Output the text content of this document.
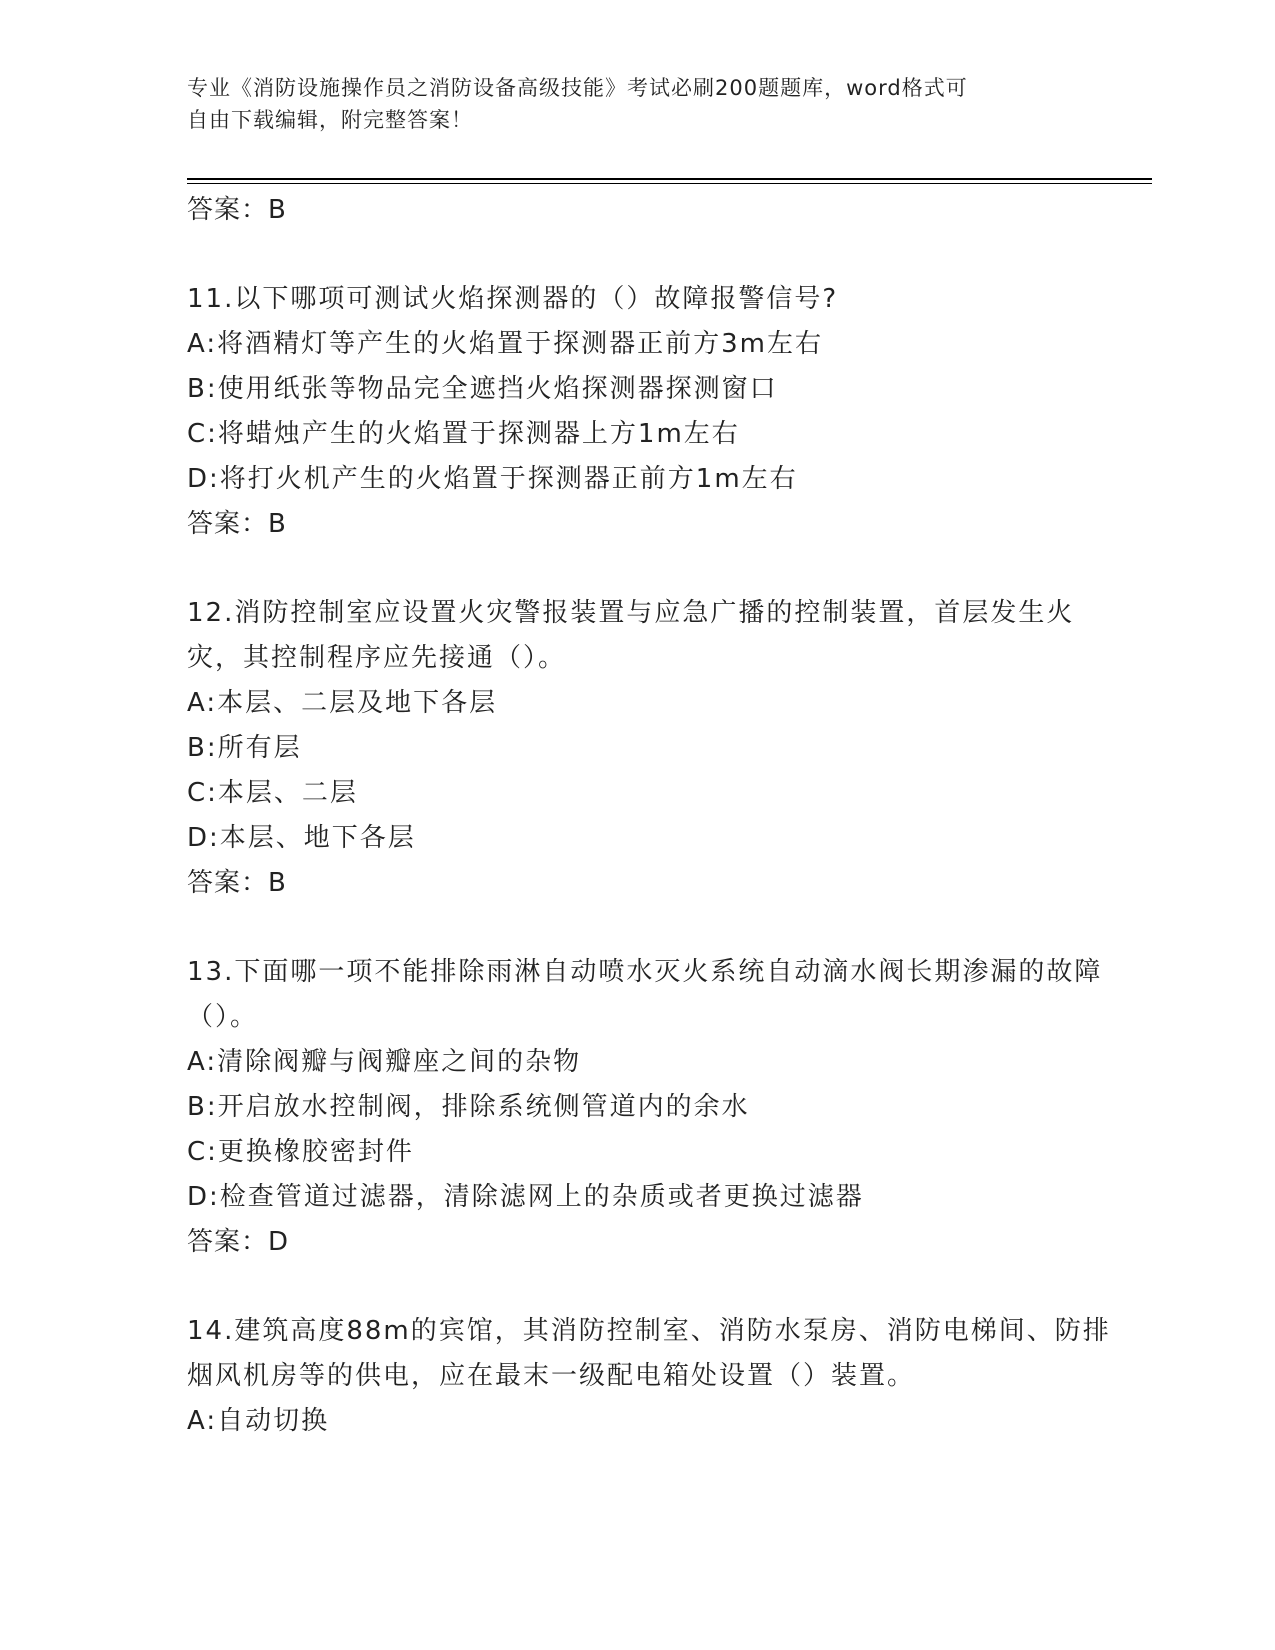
专业《消防设施操作员之消防设备高级技能》考试必刷200题题库，word格式可
自由下载编辑，附完整答案！
答案：B
11.以下哪项可测试火焰探测器的（）故障报警信号?
A:将酒精灯等产生的火焰置于探测器正前方3m左右
B:使用纸张等物品完全遮挡火焰探测器探测窗口
C:将蜡烛产生的火焰置于探测器上方1m左右
D:将打火机产生的火焰置于探测器正前方1m左右
答案：B
12.消防控制室应设置火灾警报装置与应急广播的控制装置，首层发生火灾，其控制程序应先接通（）。
A:本层、二层及地下各层
B:所有层
C:本层、二层
D:本层、地下各层
答案：B
13.下面哪一项不能排除雨淋自动喷水灭火系统自动滴水阀长期渗漏的故障（）。
A:清除阀瓣与阀瓣座之间的杂物
B:开启放水控制阀，排除系统侧管道内的余水
C:更换橡胶密封件
D:检查管道过滤器，清除滤网上的杂质或者更换过滤器
答案：D
14.建筑高度88m的宾馆，其消防控制室、消防水泵房、消防电梯间、防排烟风机房等的供电，应在最末一级配电箱处设置（）装置。
A:自动切换
